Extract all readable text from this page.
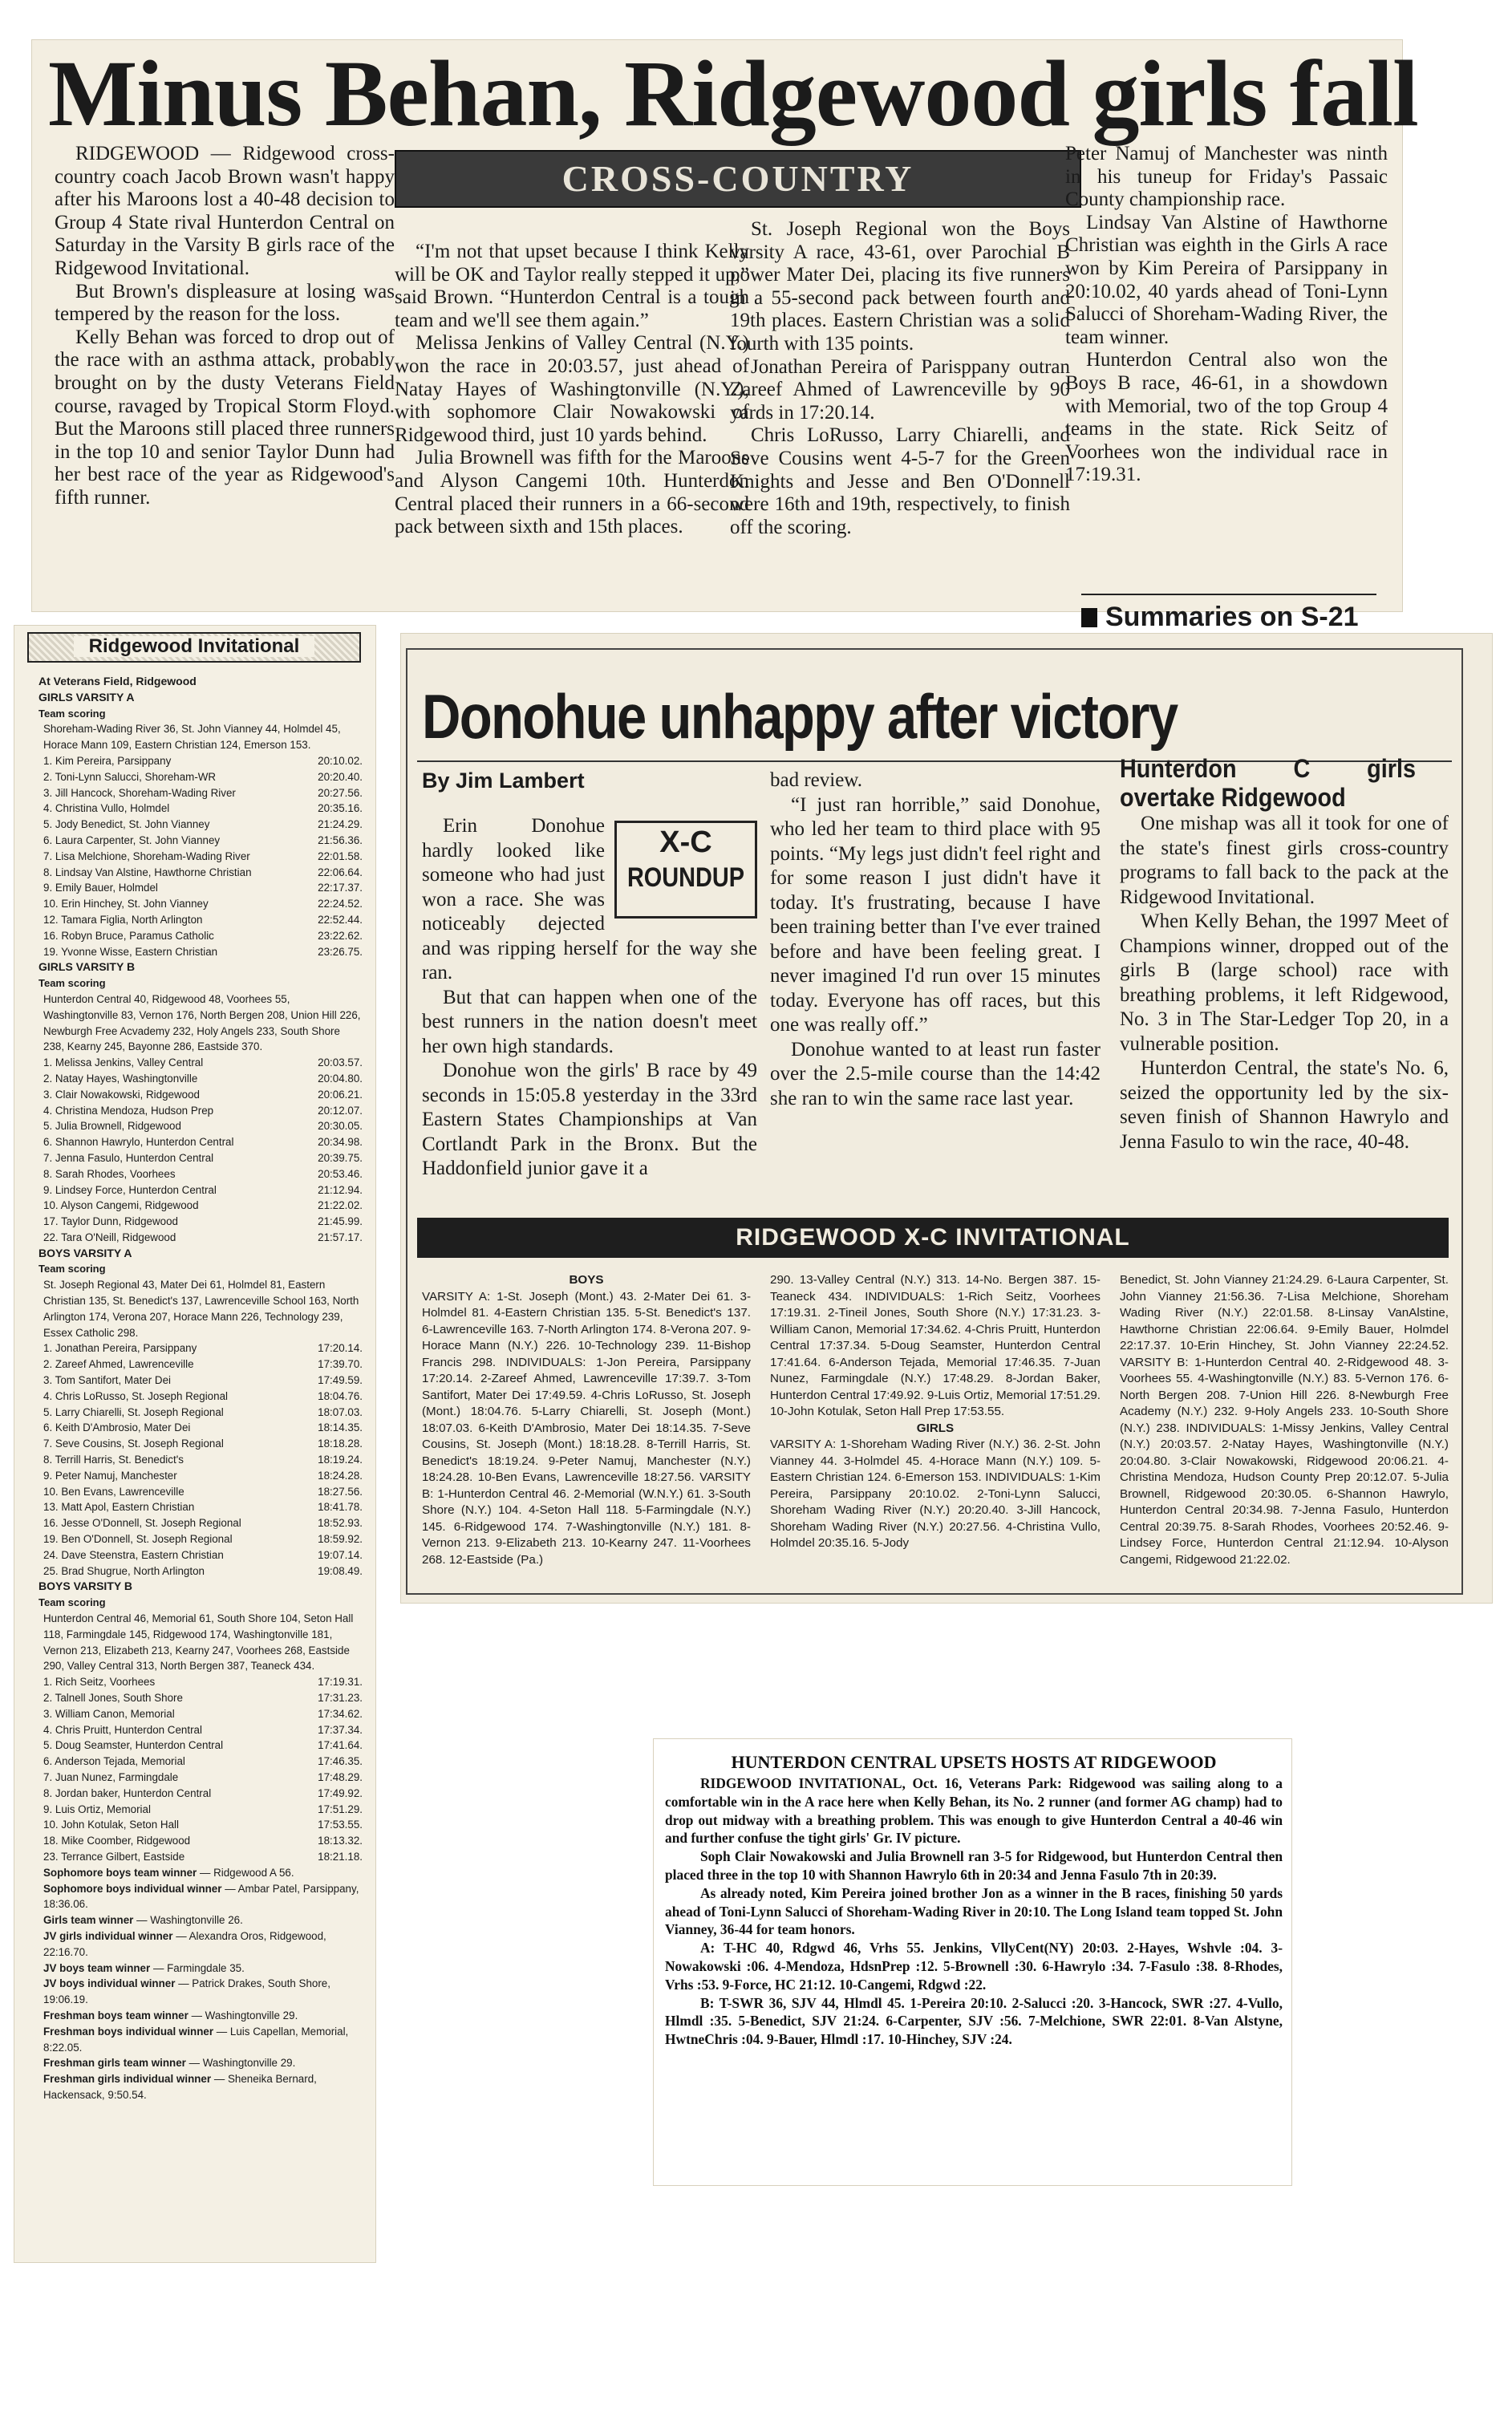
Minus Behan, Ridgewood girls fall
CROSS-COUNTRY

RIDGEWOOD — Ridgewood cross-country coach Jacob Brown wasn't happy after his Maroons lost a 40-48 decision to Group 4 State rival Hunterdon Central on Saturday in the Varsity B girls race of the Ridgewood Invitational.

But Brown's displeasure at losing was tempered by the reason for the loss.

Kelly Behan was forced to drop out of the race with an asthma attack, probably brought on by the dusty Veterans Field course, ravaged by Tropical Storm Floyd. But the Maroons still placed three runners in the top 10 and senior Taylor Dunn had her best race of the year as Ridgewood's fifth runner.

“I'm not that upset because I think Kelly will be OK and Taylor really stepped it up,” said Brown. “Hunterdon Central is a tough team and we'll see them again.”

Melissa Jenkins of Valley Central (N.Y.) won the race in 20:03.57, just ahead of Natay Hayes of Washingtonville (N.Y.), with sophomore Clair Nowakowski of Ridgewood third, just 10 yards behind.

Julia Brownell was fifth for the Maroons and Alyson Cangemi 10th. Hunterdon Central placed their runners in a 66-second pack between sixth and 15th places.

St. Joseph Regional won the Boys varsity A race, 43-61, over Parochial B power Mater Dei, placing its five runners in a 55-second pack between fourth and 19th places. Eastern Christian was a solid fourth with 135 points.

Jonathan Pereira of Parisppany outran Zareef Ahmed of Lawrenceville by 90 yards in 17:20.14.

Chris LoRusso, Larry Chiarelli, and Seve Cousins went 4-5-7 for the Green Knights and Jesse and Ben O'Donnell were 16th and 19th, respectively, to finish off the scoring.

Peter Namuj of Manchester was ninth in his tuneup for Friday's Passaic County championship race.

Lindsay Van Alstine of Hawthorne Christian was eighth in the Girls A race won by Kim Pereira of Parsippany in 20:10.02, 40 yards ahead of Toni-Lynn Salucci of Shoreham-Wading River, the team winner.

Hunterdon Central also won the Boys B race, 46-61, in a showdown with Memorial, two of the top Group 4 teams in the state. Rick Seitz of Voorhees won the individual race in 17:19.31.

Summaries on S-21
Ridgewood Invitational
At Veterans Field, Ridgewood
GIRLS VARSITY A
Team scoring
Shoreham-Wading River 36, St. John Vianney 44, Holmdel 45, Horace Mann 109, Eastern Christian 124, Emerson 153.
1. Kim Pereira, Parsippany	20:10.02.
2. Toni-Lynn Salucci, Shoreham-WR	20:20.40.
3. Jill Hancock, Shoreham-Wading River	20:27.56.
4. Christina Vullo, Holmdel	20:35.16.
5. Jody Benedict, St. John Vianney	21:24.29.
6. Laura Carpenter, St. John Vianney	21:56.36.
7. Lisa Melchione, Shoreham-Wading River	22:01.58.
8. Lindsay Van Alstine, Hawthorne Christian	22:06.64.
9. Emily Bauer, Holmdel	22:17.37.
10. Erin Hinchey, St. John Vianney	22:24.52.
12. Tamara Figlia, North Arlington	22:52.44.
16. Robyn Bruce, Paramus Catholic	23:22.62.
19. Yvonne Wisse, Eastern Christian	23:26.75.
GIRLS VARSITY B
Team scoring
Hunterdon Central 40, Ridgewood 48, Voorhees 55, Washingtonville 83, Vernon 176, North Bergen 208, Union Hill 226, Newburgh Free Acvademy 232, Holy Angels 233, South Shore 238, Kearny 245, Bayonne 286, Eastside 370.
1. Melissa Jenkins, Valley Central	20:03.57.
2. Natay Hayes, Washingtonville	20:04.80.
3. Clair Nowakowski, Ridgewood	20:06.21.
4. Christina Mendoza, Hudson Prep	20:12.07.
5. Julia Brownell, Ridgewood	20:30.05.
6. Shannon Hawrylo, Hunterdon Central	20:34.98.
7. Jenna Fasulo, Hunterdon Central	20:39.75.
8. Sarah Rhodes, Voorhees	20:53.46.
9. Lindsey Force, Hunterdon Central	21:12.94.
10. Alyson Cangemi, Ridgewood	21:22.02.
17. Taylor Dunn, Ridgewood	21:45.99.
22. Tara O'Neill, Ridgewood	21:57.17.
BOYS VARSITY A
Team scoring
St. Joseph Regional 43, Mater Dei 61, Holmdel 81, Eastern Christian 135, St. Benedict's 137, Lawrenceville School 163, North Arlington 174, Verona 207, Horace Mann 226, Technology 239, Essex Catholic 298.
1. Jonathan Pereira, Parsippany	17:20.14.
2. Zareef Ahmed, Lawrenceville	17:39.70.
3. Tom Santifort, Mater Dei	17:49.59.
4. Chris LoRusso, St. Joseph Regional	18:04.76.
5. Larry Chiarelli, St. Joseph Regional	18:07.03.
6. Keith D'Ambrosio, Mater Dei	18:14.35.
7. Seve Cousins, St. Joseph Regional	18:18.28.
8. Terrill Harris, St. Benedict's	18:19.24.
9. Peter Namuj, Manchester	18:24.28.
10. Ben Evans, Lawrenceville	18:27.56.
13. Matt Apol, Eastern Christian	18:41.78.
16. Jesse O'Donnell, St. Joseph Regional	18:52.93.
19. Ben O'Donnell, St. Joseph Regional	18:59.92.
24. Dave Steenstra, Eastern Christian	19:07.14.
25. Brad Shugrue, North Arlington	19:08.49.
BOYS VARSITY B
Team scoring
Hunterdon Central 46, Memorial 61, South Shore 104, Seton Hall 118, Farmingdale 145, Ridgewood 174, Washingtonville 181, Vernon 213, Elizabeth 213, Kearny 247, Voorhees 268, Eastside 290, Valley Central 313, North Bergen 387, Teaneck 434.
1. Rich Seitz, Voorhees	17:19.31.
2. Talnell Jones, South Shore	17:31.23.
3. William Canon, Memorial	17:34.62.
4. Chris Pruitt, Hunterdon Central	17:37.34.
5. Doug Seamster, Hunterdon Central	17:41.64.
6. Anderson Tejada, Memorial	17:46.35.
7. Juan Nunez, Farmingdale	17:48.29.
8. Jordan baker, Hunterdon Central	17:49.92.
9. Luis Ortiz, Memorial	17:51.29.
10. John Kotulak, Seton Hall	17:53.55.
18. Mike Coomber, Ridgewood	18:13.32.
23. Terrance Gilbert, Eastside	18:21.18.
Sophomore boys team winner — Ridgewood A 56.
Sophomore boys individual winner — Ambar Patel, Parsippany, 18:36.06.
Girls team winner — Washingtonville 26.
JV girls individual winner — Alexandra Oros, Ridgewood, 22:16.70.
JV boys team winner — Farmingdale 35.
JV boys individual winner — Patrick Drakes, South Shore, 19:06.19.
Freshman boys team winner — Washingtonville 29.
Freshman boys individual winner — Luis Capellan, Memorial, 8:22.05.
Freshman girls team winner — Washingtonville 29.
Freshman girls individual winner — Sheneika Bernard, Hackensack, 9:50.54.
Donohue unhappy after victory
By Jim Lambert
X-C
ROUNDUP

Erin Donohue hardly looked like someone who had just won a race. She was noticeably dejected and was ripping herself for the way she ran.

But that can happen when one of the best runners in the nation doesn't meet her own high standards.

Donohue won the girls' B race by 49 seconds in 15:05.8 yesterday in the 33rd Eastern States Championships at Van Cortlandt Park in the Bronx. But the Haddonfield junior gave it a

bad review.

“I just ran horrible,” said Donohue, who led her team to third place with 95 points. “My legs just didn't feel right and for some reason I just didn't have it today. It's frustrating, because I have been training better than I've ever trained before and have been feeling great. I never imagined I'd run over 15 minutes today. Everyone has off races, but this one was really off.”

Donohue wanted to at least run faster over the 2.5-mile course than the 14:42 she ran to win the same race last year.

Hunterdon C girls overtake Ridgewood

One mishap was all it took for one of the state's finest girls cross-country programs to fall back to the pack at the Ridgewood Invitational.

When Kelly Behan, the 1997 Meet of Champions winner, dropped out of the girls B (large school) race with breathing problems, it left Ridgewood, No. 3 in The Star-Ledger Top 20, in a vulnerable position.

Hunterdon Central, the state's No. 6, seized the opportunity led by the six-seven finish of Shannon Hawrylo and Jenna Fasulo to win the race, 40-48.

RIDGEWOOD X-C INVITATIONAL
BOYS
VARSITY A: 1-St. Joseph (Mont.) 43. 2-Mater Dei 61. 3-Holmdel 81. 4-Eastern Christian 135. 5-St. Benedict's 137. 6-Lawrenceville 163. 7-North Arlington 174. 8-Verona 207. 9-Horace Mann (N.Y.) 226. 10-Technology 239. 11-Bishop Francis 298. INDIVIDUALS: 1-Jon Pereira, Parsippany 17:20.14. 2-Zareef Ahmed, Lawrenceville 17:39.7. 3-Tom Santifort, Mater Dei 17:49.59. 4-Chris LoRusso, St. Joseph (Mont.) 18:04.76. 5-Larry Chiarelli, St. Joseph (Mont.) 18:07.03. 6-Keith D'Ambrosio, Mater Dei 18:14.35. 7-Seve Cousins, St. Joseph (Mont.) 18:18.28. 8-Terrill Harris, St. Benedict's 18:19.24. 9-Peter Namuj, Manchester (N.Y.) 18:24.28. 10-Ben Evans, Lawrenceville 18:27.56. VARSITY B: 1-Hunterdon Central 46. 2-Memorial (W.N.Y.) 61. 3-South Shore (N.Y.) 104. 4-Seton Hall 118. 5-Farmingdale (N.Y.) 145. 6-Ridgewood 174. 7-Washingtonville (N.Y.) 181. 8-Vernon 213. 9-Elizabeth 213. 10-Kearny 247. 11-Voorhees 268. 12-Eastside (Pa.)
290. 13-Valley Central (N.Y.) 313. 14-No. Bergen 387. 15-Teaneck 434. INDIVIDUALS: 1-Rich Seitz, Voorhees 17:19.31. 2-Tineil Jones, South Shore (N.Y.) 17:31.23. 3-William Canon, Memorial 17:34.62. 4-Chris Pruitt, Hunterdon Central 17:37.34. 5-Doug Seamster, Hunterdon Central 17:41.64. 6-Anderson Tejada, Memorial 17:46.35. 7-Juan Nunez, Farmingdale (N.Y.) 17:48.29. 8-Jordan Baker, Hunterdon Central 17:49.92. 9-Luis Ortiz, Memorial 17:51.29. 10-John Kotulak, Seton Hall Prep 17:53.55.
GIRLS
VARSITY A: 1-Shoreham Wading River (N.Y.) 36. 2-St. John Vianney 44. 3-Holmdel 45. 4-Horace Mann (N.Y.) 109. 5-Eastern Christian 124. 6-Emerson 153. INDIVIDUALS: 1-Kim Pereira, Parsippany 20:10.02. 2-Toni-Lynn Salucci, Shoreham Wading River (N.Y.) 20:20.40. 3-Jill Hancock, Shoreham Wading River (N.Y.) 20:27.56. 4-Christina Vullo, Holmdel 20:35.16. 5-Jody
Benedict, St. John Vianney 21:24.29. 6-Laura Carpenter, St. John Vianney 21:56.36. 7-Lisa Melchione, Shoreham Wading River (N.Y.) 22:01.58. 8-Linsay VanAlstine, Hawthorne Christian 22:06.64. 9-Emily Bauer, Holmdel 22:17.37. 10-Erin Hinchey, St. John Vianney 22:24.52. VARSITY B: 1-Hunterdon Central 40. 2-Ridgewood 48. 3-Voorhees 55. 4-Washingtonville (N.Y.) 83. 5-Vernon 176. 6-North Bergen 208. 7-Union Hill 226. 8-Newburgh Free Academy (N.Y.) 232. 9-Holy Angels 233. 10-South Shore (N.Y.) 238. INDIVIDUALS: 1-Missy Jenkins, Valley Central (N.Y.) 20:03.57. 2-Natay Hayes, Washingtonville (N.Y.) 20:04.80. 3-Clair Nowakowski, Ridgewood 20:06.21. 4-Christina Mendoza, Hudson County Prep 20:12.07. 5-Julia Brownell, Ridgewood 20:30.05. 6-Shannon Hawrylo, Hunterdon Central 20:34.98. 7-Jenna Fasulo, Hunterdon Central 20:39.75. 8-Sarah Rhodes, Voorhees 20:52.46. 9-Lindsey Force, Hunterdon Central 21:12.94. 10-Alyson Cangemi, Ridgewood 21:22.02.
HUNTERDON CENTRAL UPSETS HOSTS AT RIDGEWOOD

RIDGEWOOD INVITATIONAL, Oct. 16, Veterans Park: Ridgewood was sailing along to a comfortable win in the A race here when Kelly Behan, its No. 2 runner (and former AG champ) had to drop out midway with a breathing problem. This was enough to give Hunterdon Central a 40-46 win and further confuse the tight girls' Gr. IV picture.

Soph Clair Nowakowski and Julia Brownell ran 3-5 for Ridgewood, but Hunterdon Central then placed three in the top 10 with Shannon Hawrylo 6th in 20:34 and Jenna Fasulo 7th in 20:39.

As already noted, Kim Pereira joined brother Jon as a winner in the B races, finishing 50 yards ahead of Toni-Lynn Salucci of Shoreham-Wading River in 20:10. The Long Island team topped St. John Vianney, 36-44 for team honors.

A: T-HC 40, Rdgwd 46, Vrhs 55. Jenkins, VllyCent(NY) 20:03. 2-Hayes, Wshvle :04. 3-Nowakowski :06. 4-Mendoza, HdsnPrep :12. 5-Brownell :30. 6-Hawrylo :34. 7-Fasulo :38. 8-Rhodes, Vrhs :53. 9-Force, HC 21:12. 10-Cangemi, Rdgwd :22.

B: T-SWR 36, SJV 44, Hlmdl 45. 1-Pereira 20:10. 2-Salucci :20. 3-Hancock, SWR :27. 4-Vullo, Hlmdl :35. 5-Benedict, SJV 21:24. 6-Carpenter, SJV :56. 7-Melchione, SWR 22:01. 8-Van Alstyne, HwtneChris :04. 9-Bauer, Hlmdl :17. 10-Hinchey, SJV :24.
